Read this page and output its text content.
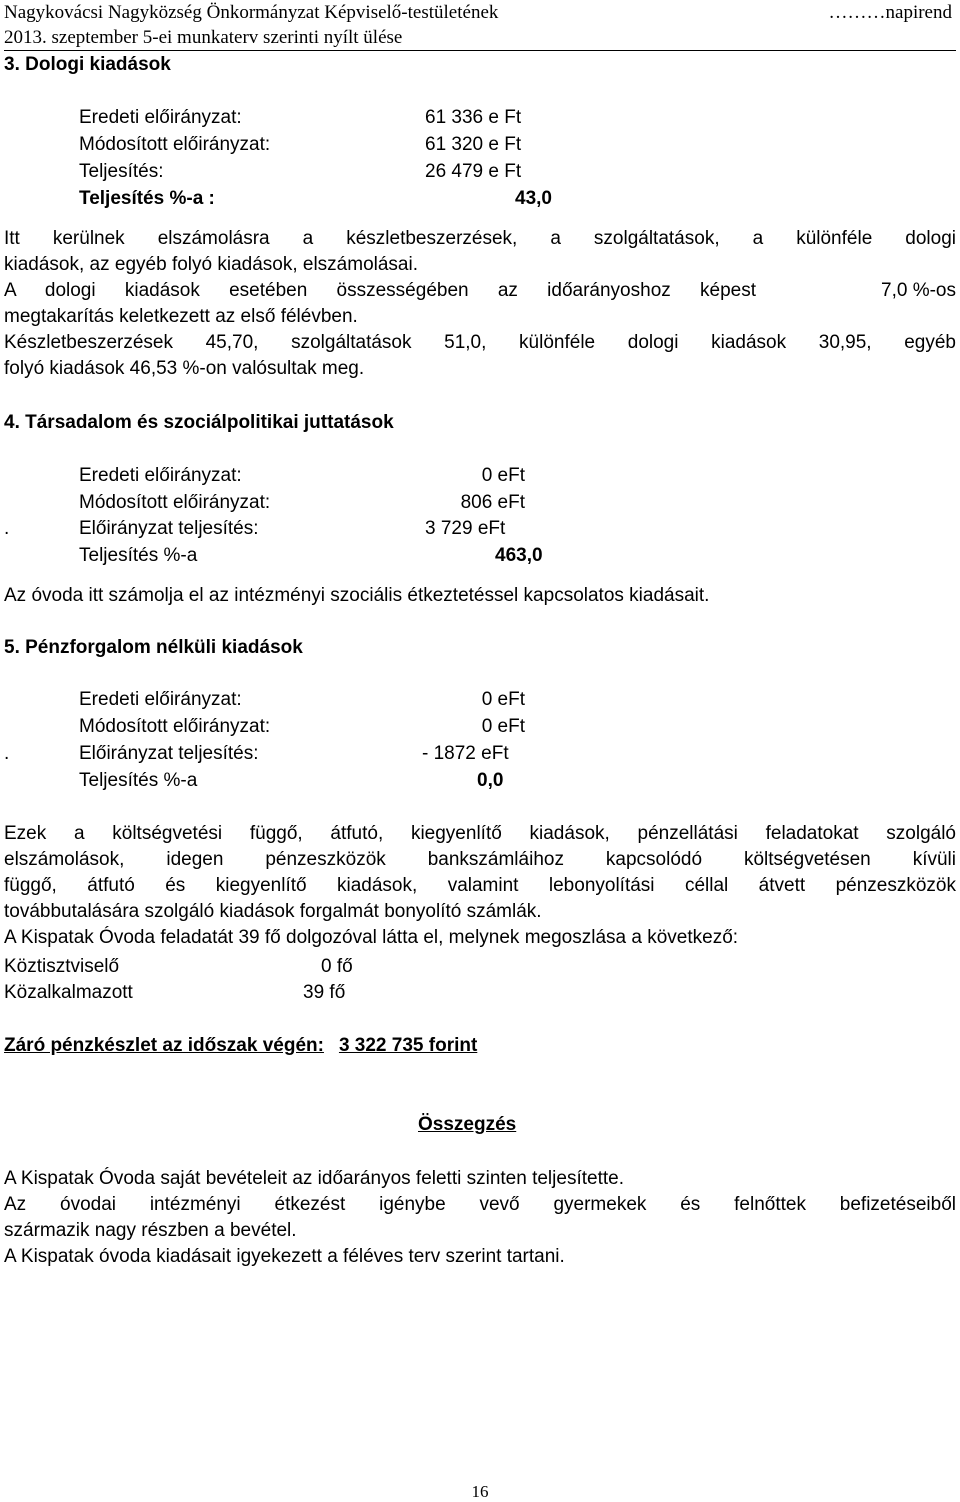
Nagykovácsi Nagyközség Önkormányzat Képviselő-testületének	………napirend
2013. szeptember 5-ei munkaterv szerinti nyílt ülése
3. Dologi kiadások
Eredeti előirányzat:	61 336 e Ft
Módosított előirányzat:	61 320 e Ft
Teljesítés:	26 479 e Ft
Teljesítés %-a :	43,0
Itt kerülnek elszámolásra a készletbeszerzések, a szolgáltatások, a különféle dologi
kiadások, az egyéb folyó kiadások, elszámolásai.
A dologi kiadások esetében összességében az időarányoshoz képest	7,0 %-os
megtakarítás keletkezett az első félévben.
Készletbeszerzések 45,70, szolgáltatások 51,0, különféle dologi kiadások 30,95, egyéb
folyó kiadások 46,53 %-on valósultak meg.
4. Társadalom és szociálpolitikai juttatások
Eredeti előirányzat:	0 eFt
Módosított előirányzat:	806 eFt
.	Előirányzat teljesítés:	3 729 eFt
Teljesítés %-a	463,0
Az óvoda itt számolja el az intézményi szociális étkeztetéssel kapcsolatos kiadásait.
5. Pénzforgalom nélküli kiadások
Eredeti előirányzat:	0 eFt
Módosított előirányzat:	0 eFt
.	Előirányzat teljesítés:	- 1872 eFt
Teljesítés %-a	0,0
Ezek a költségvetési függő, átfutó, kiegyenlítő kiadások, pénzellátási feladatokat szolgáló
elszámolások, idegen pénzeszközök bankszámláihoz kapcsolódó költségvetésen kívüli
függő, átfutó és kiegyenlítő kiadások, valamint lebonyolítási céllal átvett pénzeszközök
továbbutalására szolgáló kiadások forgalmát bonyolító számlák.
A Kispatak Óvoda feladatát 39 fő dolgozóval látta el, melynek megoszlása a következő:
Köztisztviselő	0 fő
Közalkalmazott	39 fő
Záró pénzkészlet az időszak végén: 3 322 735 forint
Összegzés
A Kispatak Óvoda saját bevételeit az időarányos feletti szinten teljesítette.
Az óvodai intézményi étkezést igénybe vevő gyermekek és felnőttek befizetéseiből
származik nagy részben a bevétel.
A Kispatak óvoda kiadásait igyekezett a féléves terv szerint tartani.
16
